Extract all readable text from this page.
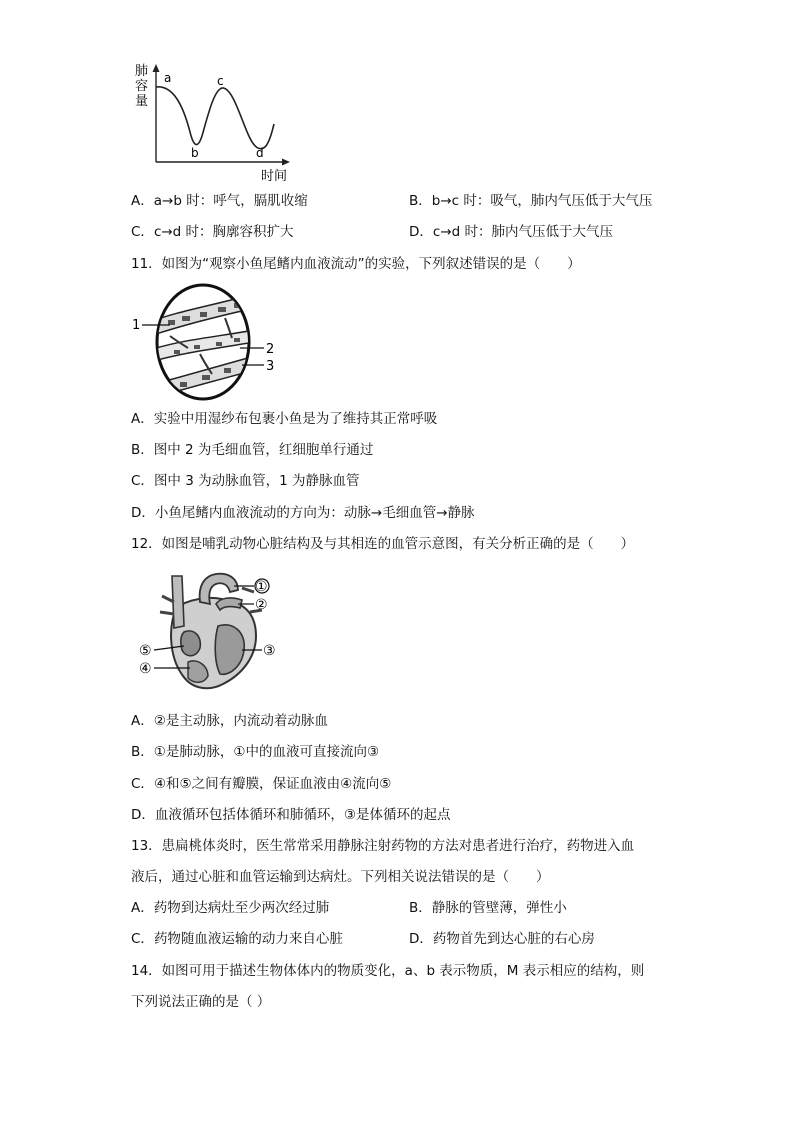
肺
容
量
a	c
b	d
时间
A．a→b 时：呼气，膈肌收缩	B．b→c 时：吸气，肺内气压低于大气压
C．c→d 时：胸廓容积扩大	D．c→d 时：肺内气压低于大气压
11．如图为“观察小鱼尾鳍内血液流动”的实验，下列叙述错误的是（　　）
1
2
3
A．实验中用湿纱布包裹小鱼是为了维持其正常呼吸
B．图中 2 为毛细血管，红细胞单行通过
C．图中 3 为动脉血管，1 为静脉血管
D．小鱼尾鳍内血液流动的方向为：动脉→毛细血管→静脉
12．如图是哺乳动物心脏结构及与其相连的血管示意图，有关分析正确的是（　　）
①
②
③
⑤
④
A．②是主动脉，内流动着动脉血
B．①是肺动脉，①中的血液可直接流向③
C．④和⑤之间有瓣膜，保证血液由④流向⑤
D．血液循环包括体循环和肺循环，③是体循环的起点
13．患扁桃体炎时，医生常常采用静脉注射药物的方法对患者进行治疗，药物进入血
液后，通过心脏和血管运输到达病灶。下列相关说法错误的是（　　）
A．药物到达病灶至少两次经过肺	B．静脉的管壁薄，弹性小
C．药物随血液运输的动力来自心脏	D．药物首先到达心脏的右心房
14．如图可用于描述生物体体内的物质变化，a、b 表示物质，M 表示相应的结构，则
下列说法正确的是（ ）
